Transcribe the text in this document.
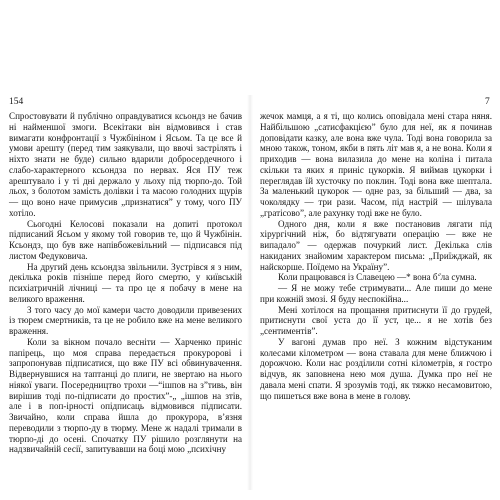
154

Спростовувати й публічно оправдуватися ксьондз не бачив ні найменшої змоги. Всекітаки він відмовився і став вимагати конфронтації з Чужбініном і Ясьом. Та це все й умови арешту (перед тим заякували, що ввочі застрілять і ніхто знати не буде) сильно вдарили добросердечного і слабо-характерного ксьондза по нервах. Яся ПУ теж арештувало і у ті дні держало у льоху під тюрпо-до. Той льох, з болотом замість долівки і та масою голодних щурів — що воно наче примусив „признатися” у тому, чого ПУ хотіло.

Сьогодні Келосові показали на допиті протокол підписаний Ясьом у якому той говорив те, що й Чужбінін. Ксьондз, що був вже напівбожевільний — підписався під листом Федуковича.

На другий день ксьондза звільнили. Зустрівся я з ним, декілька років пізніше перед його смертю, у київській психіатричній лічниці — та про це я побачу в мене на великого враження.

З того часу до мої камери часто доводили привезених із тюрем смертників, та це не робило вже на мене великого враження.

Коли за вікном почало весніти — Харченко приніс папірець, що моя справа передається прокуророві і запропонував підписатися, що вже ПУ всі обвинувачення. Відвернувшися на таптанці до плиги, не звертаю на нього ніякої уваги. Посередництво трохи —“ішпов на з”тивь, він вирішив тоді по-підписати до простих”-„ „ішпов на зтів, але і в поп-ірності опідписаць відмовився підписати. Звичайно, коли справа йшла до прокурора, в’язня переводили з тюрпо-ду в тюрму. Мене ж надалі тримали в тюрпо-ді до осені. Спочатку ПУ рішило розглянути на надзвичайній сесії, запитувавши на боці мою „психічну

7

жечок мамця, а я ті, що колись оповідала мені стара няня. Найбільшою „сатисфакцією” було для неї, як я починав доповідати казку, але вона вже чула. Тоді вона говорила за мною також, тоном, якби в пять літ мав я, а не вона. Коли я приходив — вона вилазила до мене на коліна і питала скільки та яких я приніс цукорків. Я виймав цукорки і переглядав їй хусточку по поклин. Тоді вона вже шептала. За маленький цукорок — одне раз, за більший — два, за чоколядку — три рази. Часом, під настрій — шілувала „гратісово”, але рахунку тоді вже не було.

Одного дня, коли я вже постановив лягати під хірургічний ніж, бо відтягувати операцію — вже не випадало” — одержав почуркий лист. Декілька слів накиданих знайомим характером письма: „Приїжджай, як найскорше. Поїдемо на Україну”.

Коли працювався із Славецею —* вона бʻ̇ла сумна.

— Я не можу тебе стримувати... Але пиши до мене при кожній змозі. Я буду неспокійна...

Мені хотілося на прощання притиснути її до грудей, притиснути свої уста до її уст, це... я не хотів без „сентиментів”.

У вагоні думав про неї. З кожним відстуканим колесами кілометром — вона ставала для мене ближчою і дорожчою. Коли нас розділили сотні кілометрів, я гостро відчув, як заповнена нею моя душа. Думка про неї не давала мені спати. Я зрозумів тоді, як тяжко несамовитою, що пишеться вже вона в мене в голову.
